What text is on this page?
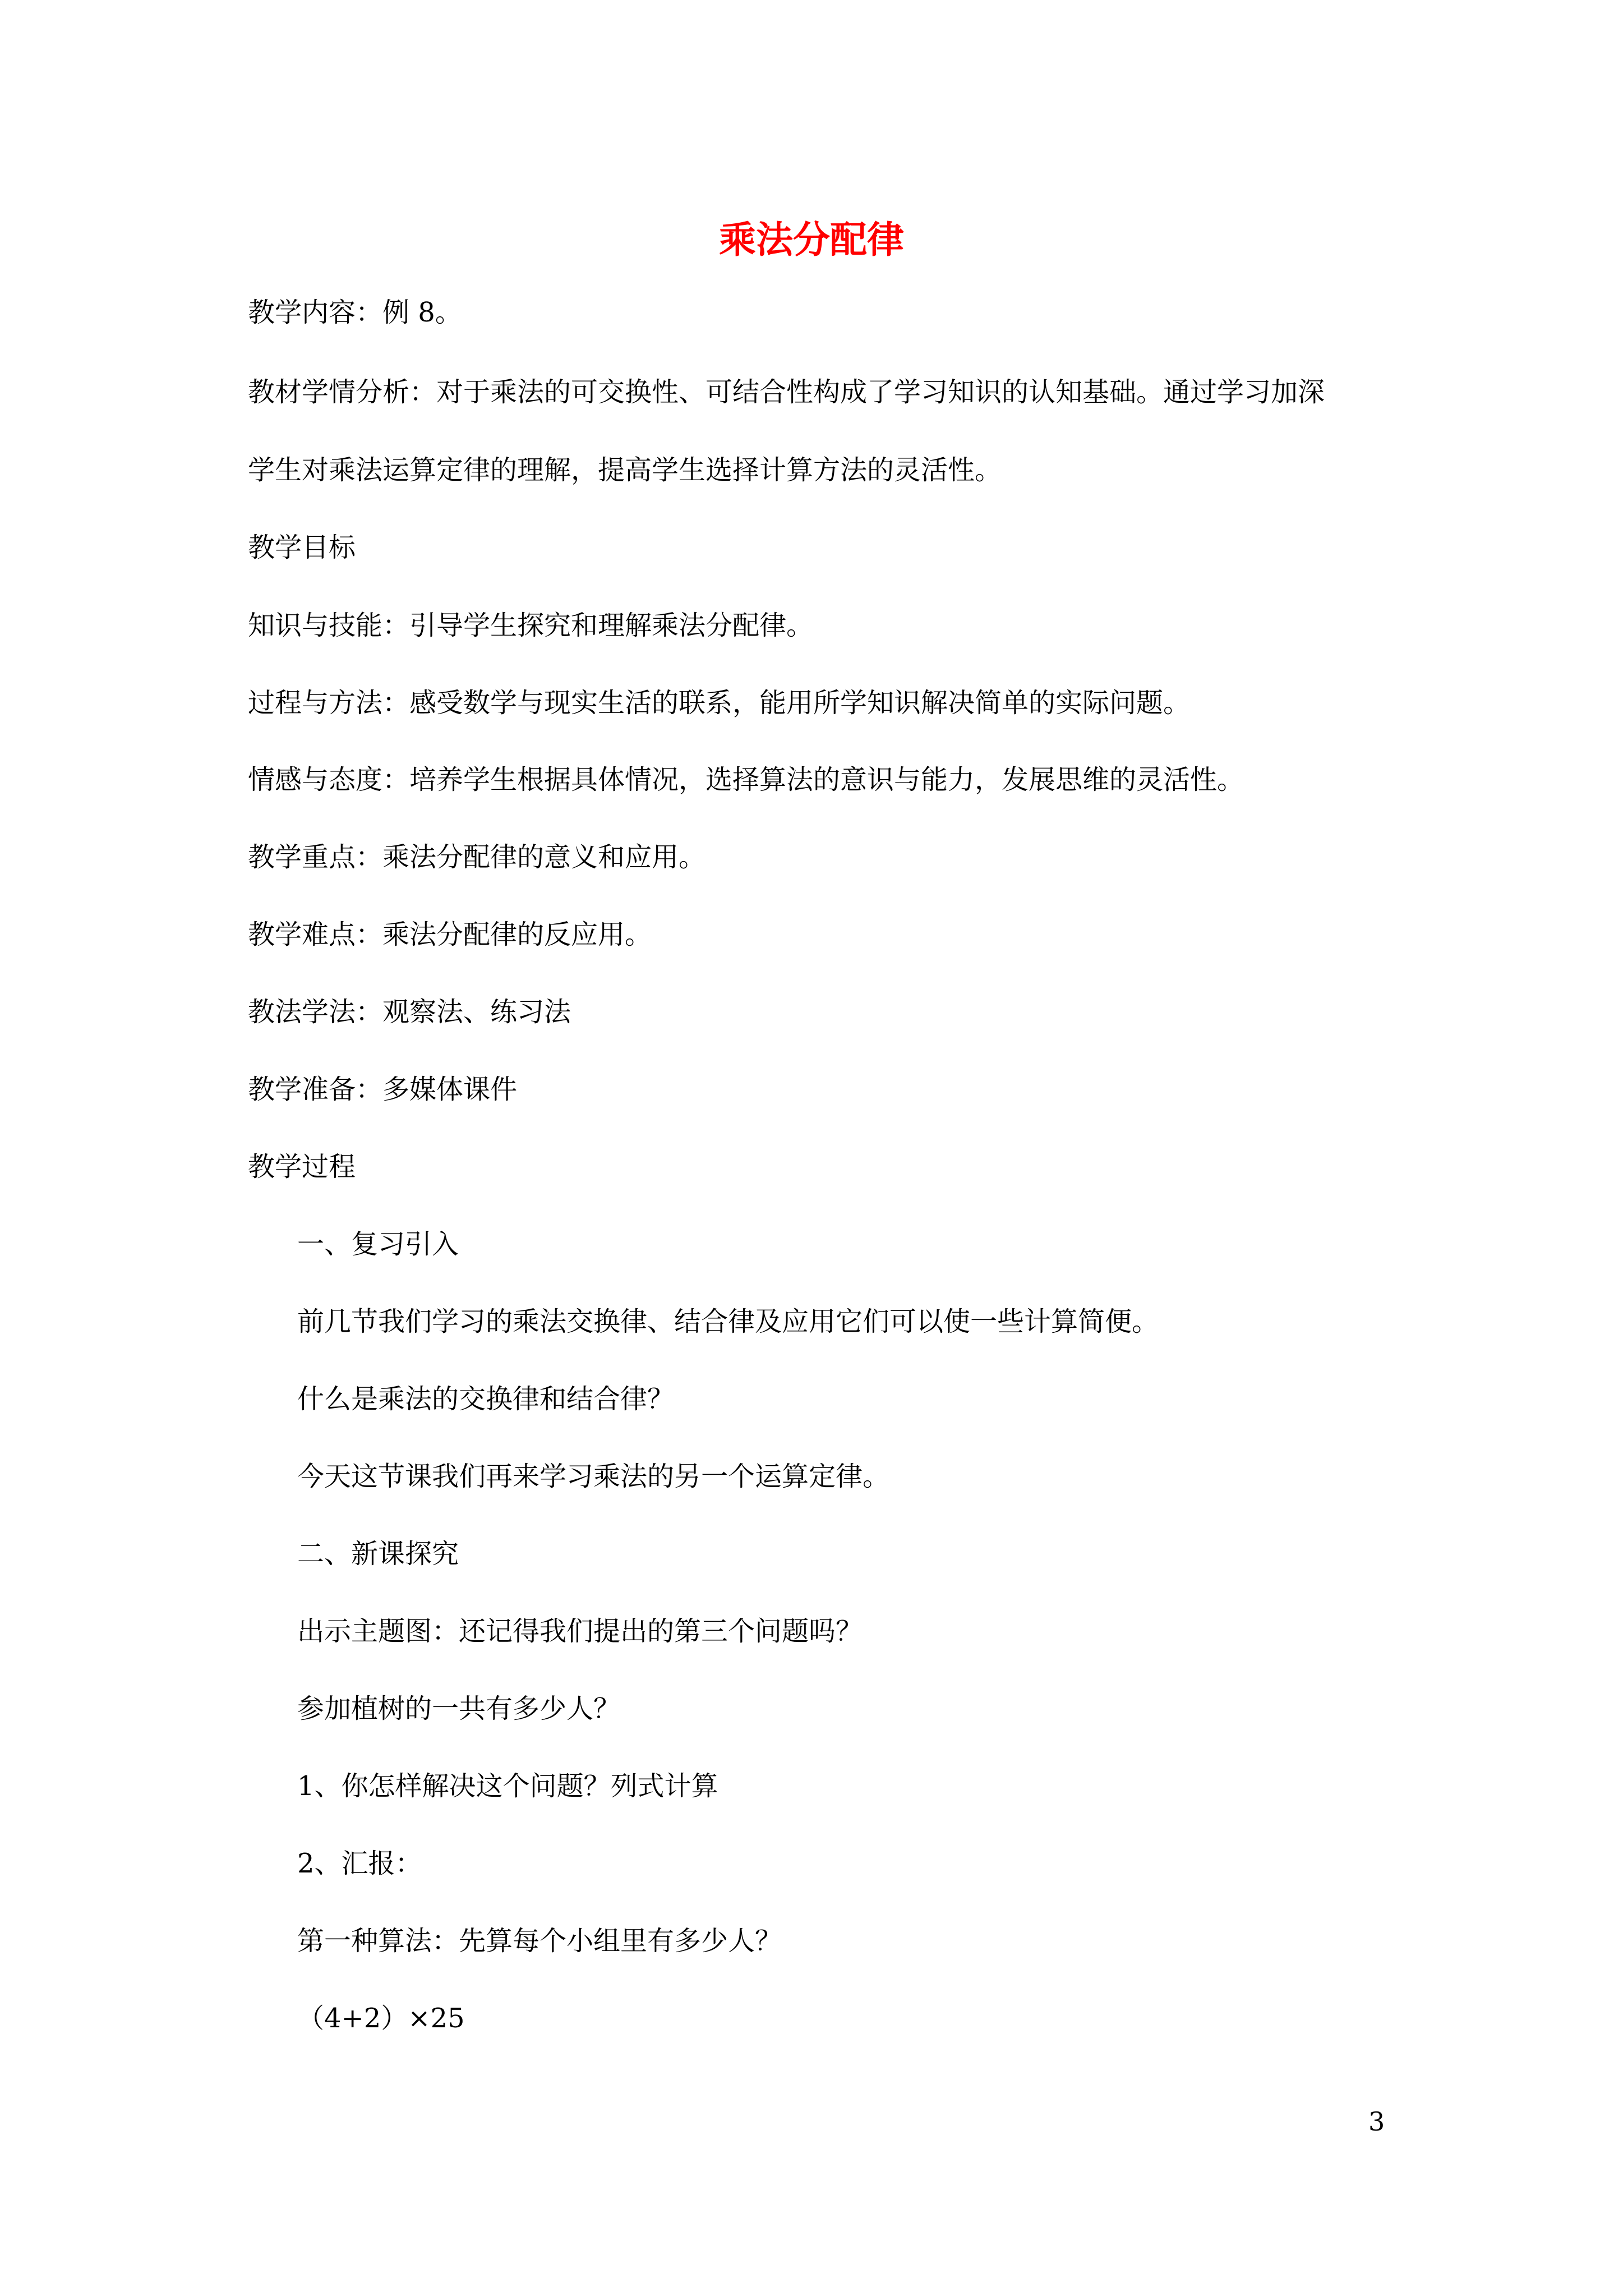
乘法分配律

教学内容：例 8。

教材学情分析：对于乘法的可交换性、可结合性构成了学习知识的认知基础。通过学习加深

学生对乘法运算定律的理解，提高学生选择计算方法的灵活性。

教学目标

知识与技能：引导学生探究和理解乘法分配律。

过程与方法：感受数学与现实生活的联系，能用所学知识解决简单的实际问题。

情感与态度：培养学生根据具体情况，选择算法的意识与能力，发展思维的灵活性。

教学重点：乘法分配律的意义和应用。

教学难点：乘法分配律的反应用。

教法学法：观察法、练习法

教学准备：多媒体课件

教学过程

一、复习引入

前几节我们学习的乘法交换律、结合律及应用它们可以使一些计算简便。

什么是乘法的交换律和结合律？

今天这节课我们再来学习乘法的另一个运算定律。

二、新课探究

出示主题图：还记得我们提出的第三个问题吗？

参加植树的一共有多少人？

1、你怎样解决这个问题？列式计算

2、汇报：

第一种算法：先算每个小组里有多少人？

（4+2）×25

3
